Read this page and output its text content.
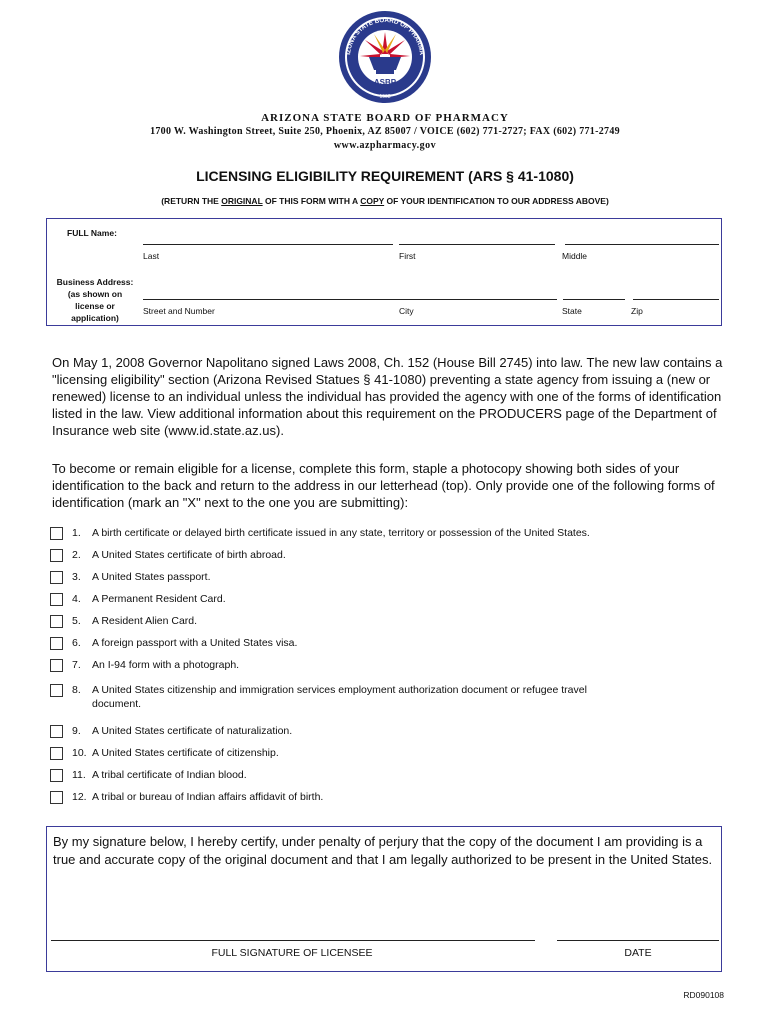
ASBP
1903
IZONA STATE BOARD OF PHARMA
ARIZONA STATE BOARD OF PHARMACY
1700 W. Washington Street, Suite 250, Phoenix, AZ 85007 / VOICE (602) 771-2727; FAX (602) 771-2749
www.azpharmacy.gov
LICENSING ELIGIBILITY REQUIREMENT (ARS § 41-1080)
(RETURN THE ORIGINAL OF THIS FORM WITH A COPY OF YOUR IDENTIFICATION TO OUR ADDRESS ABOVE)
FULL Name:
Last	First	Middle
Business Address:
(as shown on
license or
application)
Street and Number	City	State	Zip
On May 1, 2008 Governor Napolitano signed Laws 2008, Ch. 152 (House Bill 2745) into law. The new law contains a "licensing eligibility" section (Arizona Revised Statues § 41-1080) preventing a state agency from issuing a (new or renewed) license to an individual unless the individual has provided the agency with one of the forms of identification listed in the law. View additional information about this requirement on the PRODUCERS page of the Department of Insurance web site (www.id.state.az.us).
To become or remain eligible for a license, complete this form, staple a photocopy showing both sides of your identification to the back and return to the address in our letterhead (top). Only provide one of the following forms of identification (mark an "X" next to the one you are submitting):
1. A birth certificate or delayed birth certificate issued in any state, territory or possession of the United States.
2. A United States certificate of birth abroad.
3. A United States passport.
4. A Permanent Resident Card.
5. A Resident Alien Card.
6. A foreign passport with a United States visa.
7. An I-94 form with a photograph.
8. A United States citizenship and immigration services employment authorization document or refugee travel
document.
9. A United States certificate of naturalization.
10. A United States certificate of citizenship.
11. A tribal certificate of Indian blood.
12. A tribal or bureau of Indian affairs affidavit of birth.
By my signature below, I hereby certify, under penalty of perjury that the copy of the document I am providing is a true and accurate copy of the original document and that I am legally authorized to be present in the United States.
FULL SIGNATURE OF LICENSEE	DATE
RD090108
